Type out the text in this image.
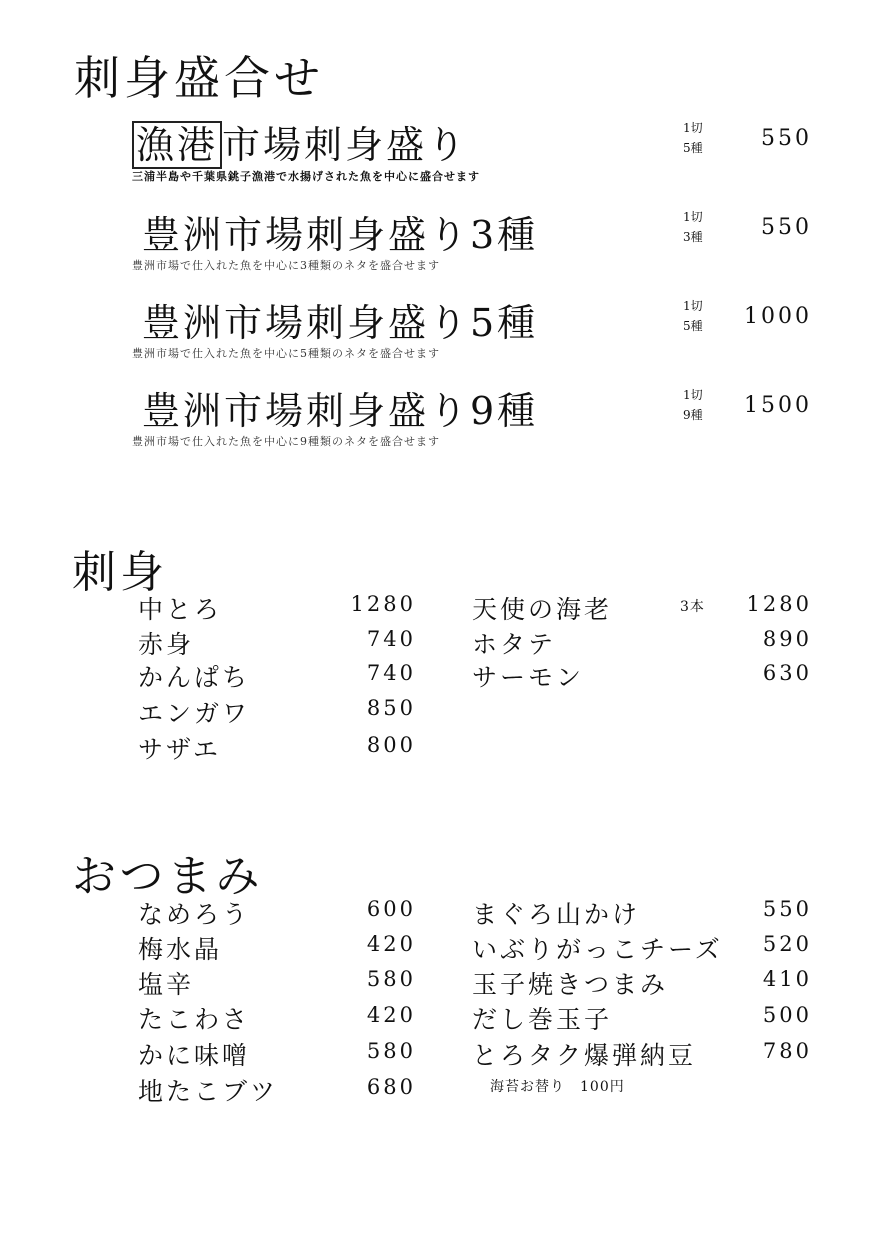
刺身盛合せ
漁港 市場刺身盛り
三浦半島や千葉県銚子漁港で水揚げされた魚を中心に盛合せます
1切
5種	550
豊洲市場刺身盛り3種
豊洲市場で仕入れた魚を中心に3種類のネタを盛合せます
1切
3種	550
豊洲市場刺身盛り5種
豊洲市場で仕入れた魚を中心に5種類のネタを盛合せます
1切
5種	1000
豊洲市場刺身盛り9種
豊洲市場で仕入れた魚を中心に9種類のネタを盛合せます
1切
9種	1500
刺身
中とろ	1280
赤身	740
かんぱち	740
エンガワ	850
サザエ	800
天使の海老	3本	1280
ホタテ	890
サーモン	630
おつまみ
なめろう	600
梅水晶	420
塩辛	580
たこわさ	420
かに味噌	580
地たこブツ	680
まぐろ山かけ	550
いぶりがっこチーズ	520
玉子焼きつまみ	410
だし巻玉子	500
とろタク爆弾納豆	780
海苔お替り　100円
